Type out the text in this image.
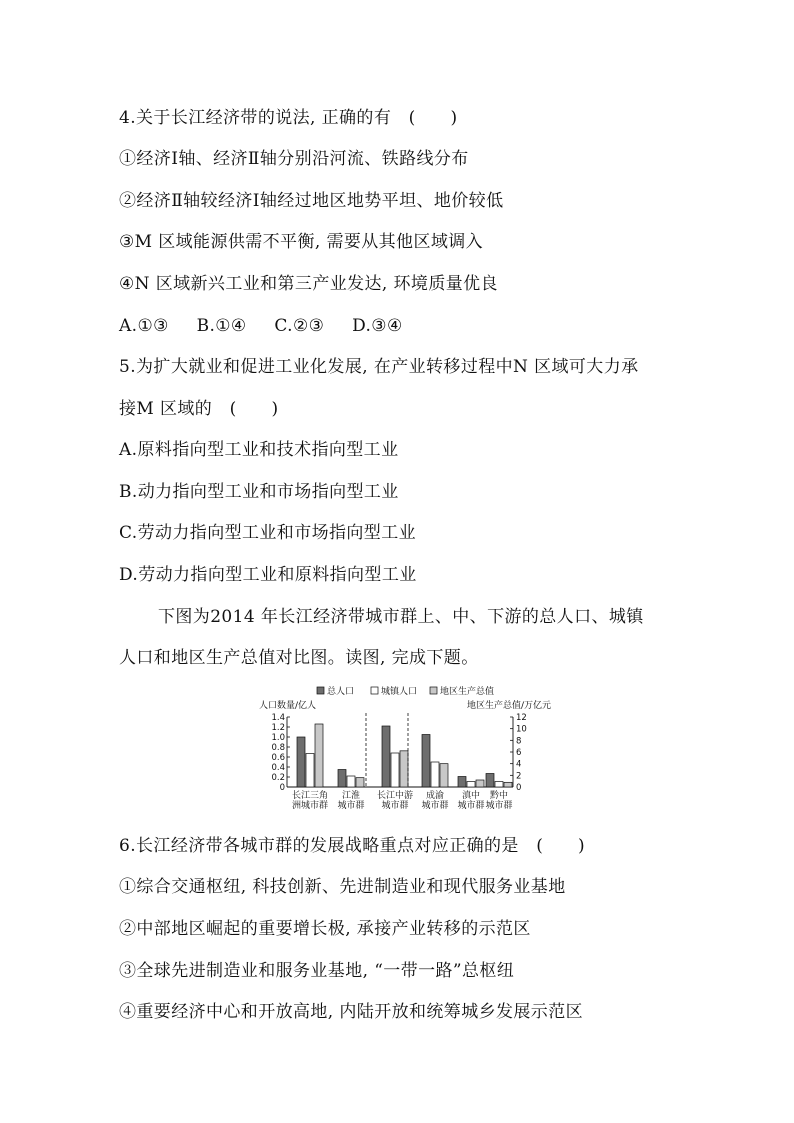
4.关于长江经济带的说法, 正确的有　(　　)
①经济Ⅰ轴、经济Ⅱ轴分别沿河流、铁路线分布
②经济Ⅱ轴较经济Ⅰ轴经过地区地势平坦、地价较低
③M 区域能源供需不平衡, 需要从其他区域调入
④N 区域新兴工业和第三产业发达, 环境质量优良
A.①③ B.①④ C.②③ D.③④
5.为扩大就业和促进工业化发展, 在产业转移过程中N 区域可大力承
接M 区域的　(　　)
A.原料指向型工业和技术指向型工业
B.动力指向型工业和市场指向型工业
C.劳动力指向型工业和市场指向型工业
D.劳动力指向型工业和原料指向型工业
下图为2014 年长江经济带城市群上、中、下游的总人口、城镇
人口和地区生产总值对比图。读图, 完成下题。
总人口	城镇人口	地区生产总值
人口数量/亿人	地区生产总值/万亿元
0
0.2
0.4
0.6
0.8
1.0
1.2
1.4
0
2
4
6
8
10
12
长江三角
洲城市群
江淮
城市群
长江中游
城市群
成渝
城市群
滇中
城市群
黔中
城市群
6.长江经济带各城市群的发展战略重点对应正确的是　(　　)
①综合交通枢纽, 科技创新、先进制造业和现代服务业基地
②中部地区崛起的重要增长极, 承接产业转移的示范区
③全球先进制造业和服务业基地, “一带一路”总枢纽
④重要经济中心和开放高地, 内陆开放和统筹城乡发展示范区
